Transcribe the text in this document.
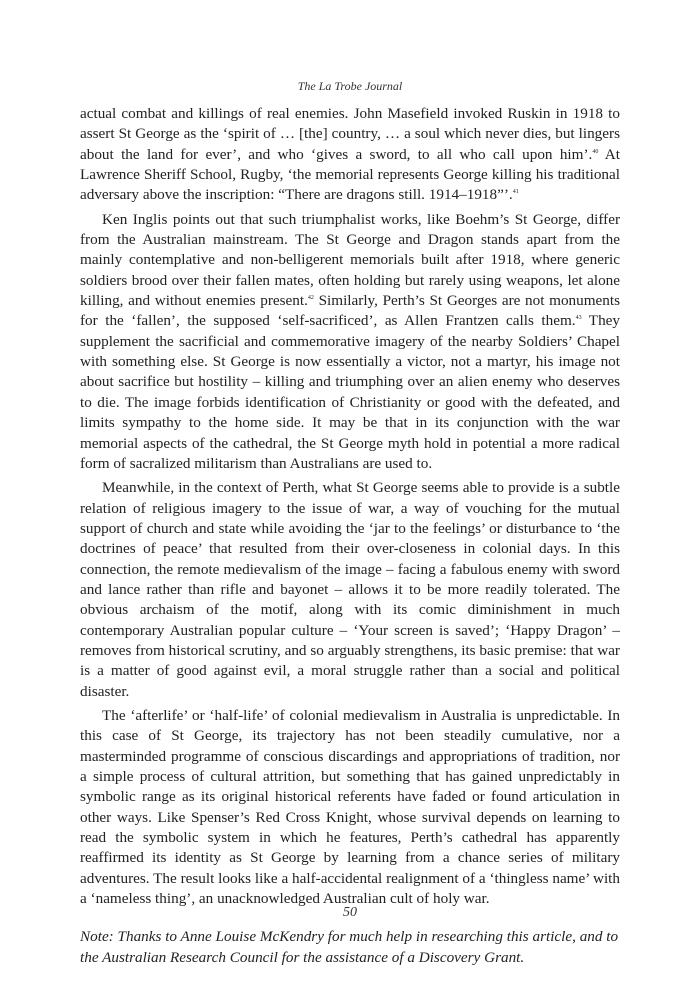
The La Trobe Journal

actual combat and killings of real enemies. John Masefield invoked Ruskin in 1918 to assert St George as the ‘spirit of … [the] country, … a soul which never dies, but lingers about the land for ever’, and who ‘gives a sword, to all who call upon him’.$^{40}$ At Lawrence Sheriff School, Rugby, ‘the memorial represents George killing his traditional adversary above the inscription: “There are dragons still. 1914–1918”’.$^{41}$

Ken Inglis points out that such triumphalist works, like Boehm’s St George, differ from the Australian mainstream. The St George and Dragon stands apart from the mainly contemplative and non-belligerent memorials built after 1918, where generic soldiers brood over their fallen mates, often holding but rarely using weapons, let alone killing, and without enemies present.$^{42}$ Similarly, Perth’s St Georges are not monuments for the ‘fallen’, the supposed ‘self-sacrificed’, as Allen Frantzen calls them.$^{43}$ They supplement the sacrificial and commemorative imagery of the nearby Soldiers’ Chapel with something else. St George is now essentially a victor, not a martyr, his image not about sacrifice but hostility – killing and triumphing over an alien enemy who deserves to die. The image forbids identification of Christianity or good with the defeated, and limits sympathy to the home side. It may be that in its conjunction with the war memorial aspects of the cathedral, the St George myth hold in potential a more radical form of sacralized militarism than Australians are used to.

Meanwhile, in the context of Perth, what St George seems able to provide is a subtle relation of religious imagery to the issue of war, a way of vouching for the mutual support of church and state while avoiding the ‘jar to the feelings’ or disturbance to ‘the doctrines of peace’ that resulted from their over-closeness in colonial days. In this connection, the remote medievalism of the image – facing a fabulous enemy with sword and lance rather than rifle and bayonet – allows it to be more readily tolerated. The obvious archaism of the motif, along with its comic diminishment in much contemporary Australian popular culture – ‘Your screen is saved’; ‘Happy Dragon’ – removes from historical scrutiny, and so arguably strengthens, its basic premise: that war is a matter of good against evil, a moral struggle rather than a social and political disaster.

The ‘afterlife’ or ‘half-life’ of colonial medievalism in Australia is unpredictable. In this case of St George, its trajectory has not been steadily cumulative, nor a masterminded programme of conscious discardings and appropriations of tradition, nor a simple process of cultural attrition, but something that has gained unpredictably in symbolic range as its original historical referents have faded or found articulation in other ways. Like Spenser’s Red Cross Knight, whose survival depends on learning to read the symbolic system in which he features, Perth’s cathedral has apparently reaffirmed its identity as St George by learning from a chance series of military adventures. The result looks like a half-accidental realignment of a ‘thingless name’ with a ‘nameless thing’, an unacknowledged Australian cult of holy war.

Note: Thanks to Anne Louise McKendry for much help in researching this article, and to the Australian Research Council for the assistance of a Discovery Grant.

50
